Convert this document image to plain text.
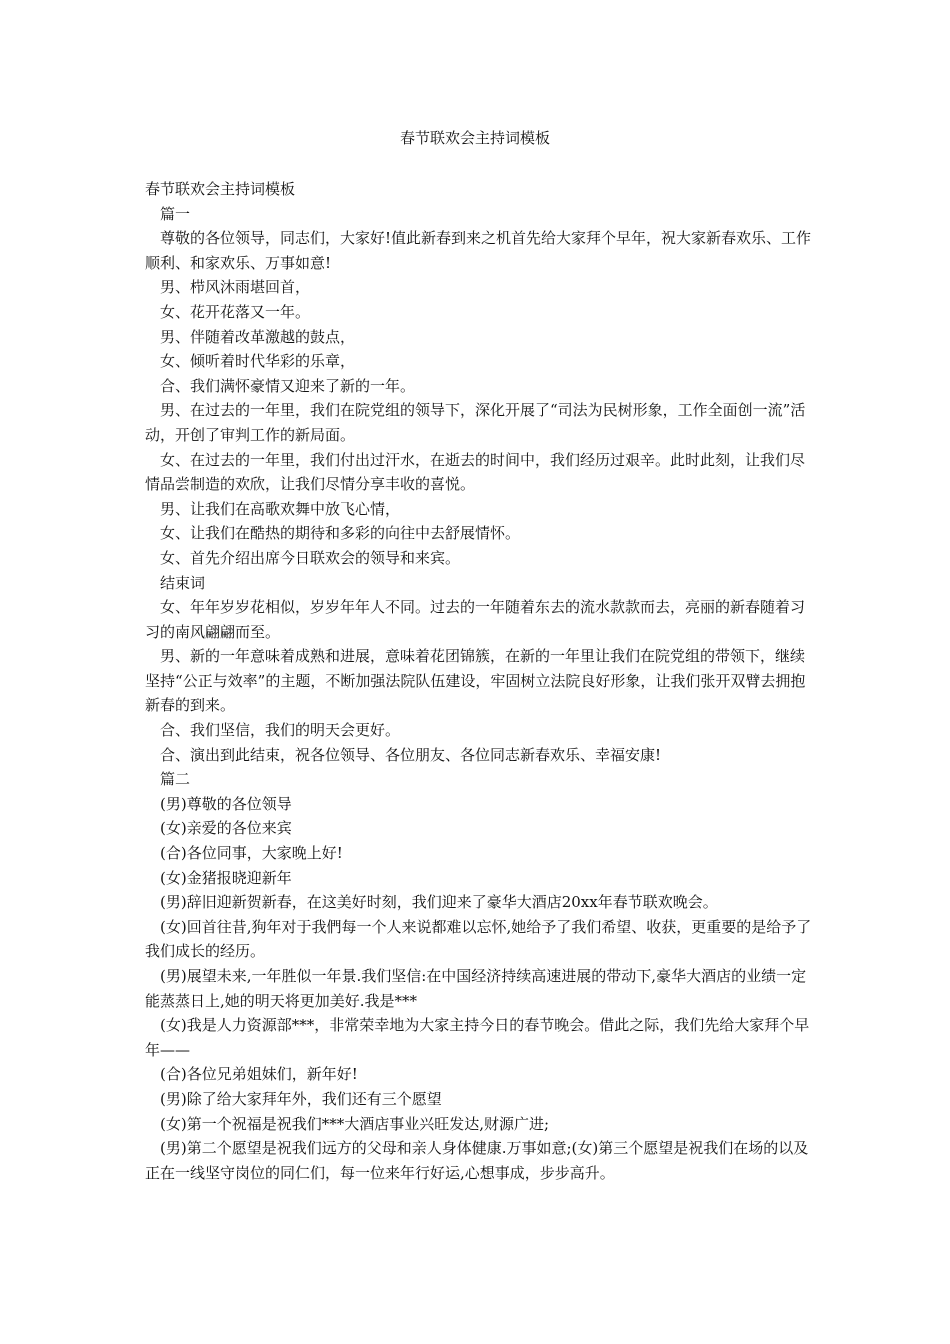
春节联欢会主持词模板

春节联欢会主持词模板

篇一

尊敬的各位领导，同志们，大家好!值此新春到来之机首先给大家拜个早年，祝大家新春欢乐、工作顺利、和家欢乐、万事如意!

男、栉风沐雨堪回首，

女、花开花落又一年。

男、伴随着改革激越的鼓点，

女、倾听着时代华彩的乐章，

合、我们满怀豪情又迎来了新的一年。

男、在过去的一年里，我们在院党组的领导下，深化开展了“司法为民树形象，工作全面创一流”活动，开创了审判工作的新局面。

女、在过去的一年里，我们付出过汗水，在逝去的时间中，我们经历过艰辛。此时此刻，让我们尽情品尝制造的欢欣，让我们尽情分享丰收的喜悦。

男、让我们在高歌欢舞中放飞心情，

女、让我们在酷热的期待和多彩的向往中去舒展情怀。

女、首先介绍出席今日联欢会的领导和来宾。

结束词

女、年年岁岁花相似，岁岁年年人不同。过去的一年随着东去的流水款款而去，亮丽的新春随着习习的南风翩翩而至。

男、新的一年意味着成熟和进展，意味着花团锦簇，在新的一年里让我们在院党组的带领下，继续坚持“公正与效率”的主题，不断加强法院队伍建设，牢固树立法院良好形象，让我们张开双臂去拥抱新春的到来。

合、我们坚信，我们的明天会更好。

合、演出到此结束，祝各位领导、各位朋友、各位同志新春欢乐、幸福安康!

篇二

(男)尊敬的各位领导

(女)亲爱的各位来宾

(合)各位同事，大家晚上好!

(女)金猪报晓迎新年

(男)辞旧迎新贺新春，在这美好时刻，我们迎来了豪华大酒店20xx年春节联欢晚会。

(女)回首往昔,狗年对于我們每一个人来说都难以忘怀,她给予了我们希望、收获，更重要的是给予了我们成长的经历。

(男)展望未来,一年胜似一年景.我们坚信:在中国经济持续高速进展的带动下,豪华大酒店的业绩一定能蒸蒸日上,她的明天将更加美好.我是***

(女)我是人力资源部***，非常荣幸地为大家主持今日的春节晚会。借此之际，我们先给大家拜个早年——

(合)各位兄弟姐妹们，新年好!

(男)除了给大家拜年外，我们还有三个愿望

(女)第一个祝福是祝我们***大酒店事业兴旺发达,财源广进;

(男)第二个愿望是祝我们远方的父母和亲人身体健康.万事如意;(女)第三个愿望是祝我们在场的以及正在一线坚守岗位的同仁们，每一位来年行好运,心想事成，步步高升。
